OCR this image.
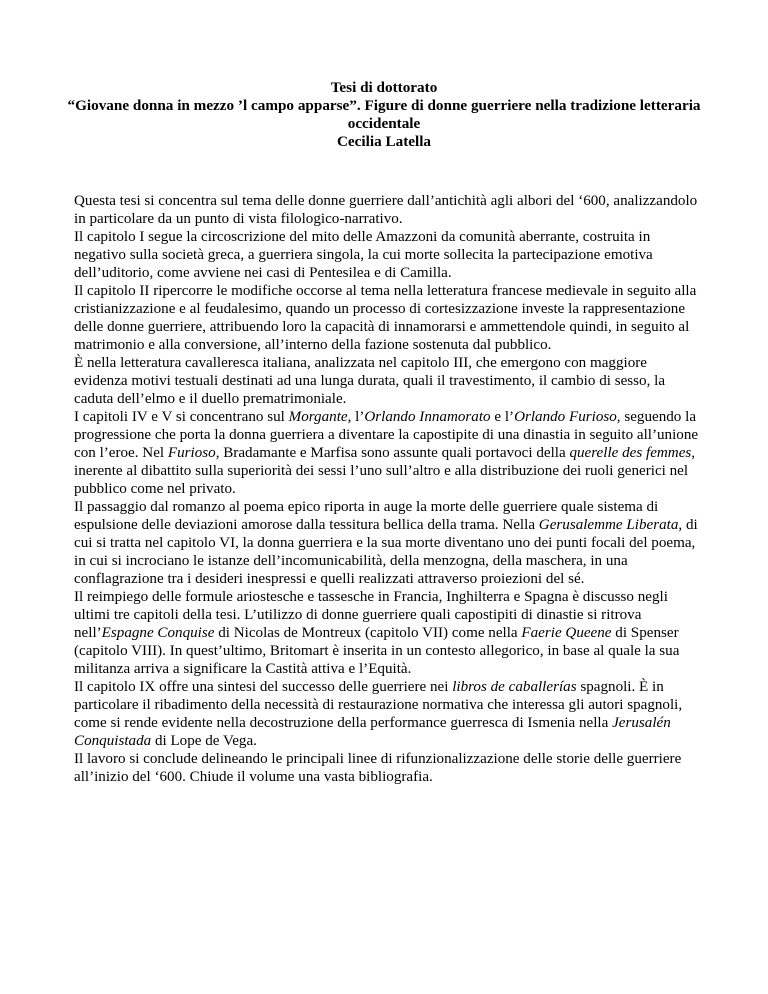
Tesi di dottorato
“Giovane donna in mezzo ’l campo apparse”. Figure di donne guerriere nella tradizione letteraria occidentale
Cecilia Latella

Questa tesi si concentra sul tema delle donne guerriere dall’antichità agli albori del ‘600, analizzandolo in particolare da un punto di vista filologico-narrativo.

Il capitolo I segue la circoscrizione del mito delle Amazzoni da comunità aberrante, costruita in negativo sulla società greca, a guerriera singola, la cui morte sollecita la partecipazione emotiva dell’uditorio, come avviene nei casi di Pentesilea e di Camilla.

Il capitolo II ripercorre le modifiche occorse al tema nella letteratura francese medievale in seguito alla cristianizzazione e al feudalesimo, quando un processo di cortesizzazione investe la rappresentazione delle donne guerriere, attribuendo loro la capacità di innamorarsi e ammettendole quindi, in seguito al matrimonio e alla conversione, all’interno della fazione sostenuta dal pubblico.

È nella letteratura cavalleresca italiana, analizzata nel capitolo III, che emergono con maggiore evidenza motivi testuali destinati ad una lunga durata, quali il travestimento, il cambio di sesso, la caduta dell’elmo e il duello prematrimoniale.

I capitoli IV e V si concentrano sul Morgante, l’Orlando Innamorato e l’Orlando Furioso, seguendo la progressione che porta la donna guerriera a diventare la capostipite di una dinastia in seguito all’unione con l’eroe. Nel Furioso, Bradamante e Marfisa sono assunte quali portavoci della querelle des femmes, inerente al dibattito sulla superiorità dei sessi l’uno sull’altro e alla distribuzione dei ruoli generici nel pubblico come nel privato.

Il passaggio dal romanzo al poema epico riporta in auge la morte delle guerriere quale sistema di espulsione delle deviazioni amorose dalla tessitura bellica della trama. Nella Gerusalemme Liberata, di cui si tratta nel capitolo VI, la donna guerriera e la sua morte diventano uno dei punti focali del poema, in cui si incrociano le istanze dell’incomunicabilità, della menzogna, della maschera, in una conflagrazione tra i desideri inespressi e quelli realizzati attraverso proiezioni del sé.

Il reimpiego delle formule ariostesche e tassesche in Francia, Inghilterra e Spagna è discusso negli ultimi tre capitoli della tesi. L’utilizzo di donne guerriere quali capostipiti di dinastie si ritrova nell’Espagne Conquise di Nicolas de Montreux (capitolo VII) come nella Faerie Queene di Spenser (capitolo VIII). In quest’ultimo, Britomart è inserita in un contesto allegorico, in base al quale la sua militanza arriva a significare la Castità attiva e l’Equità.

Il capitolo IX offre una sintesi del successo delle guerriere nei libros de caballerías spagnoli. È in particolare il ribadimento della necessità di restaurazione normativa che interessa gli autori spagnoli, come si rende evidente nella decostruzione della performance guerresca di Ismenia nella Jerusalén Conquistada di Lope de Vega.

Il lavoro si conclude delineando le principali linee di rifunzionalizzazione delle storie delle guerriere all’inizio del ‘600. Chiude il volume una vasta bibliografia.
